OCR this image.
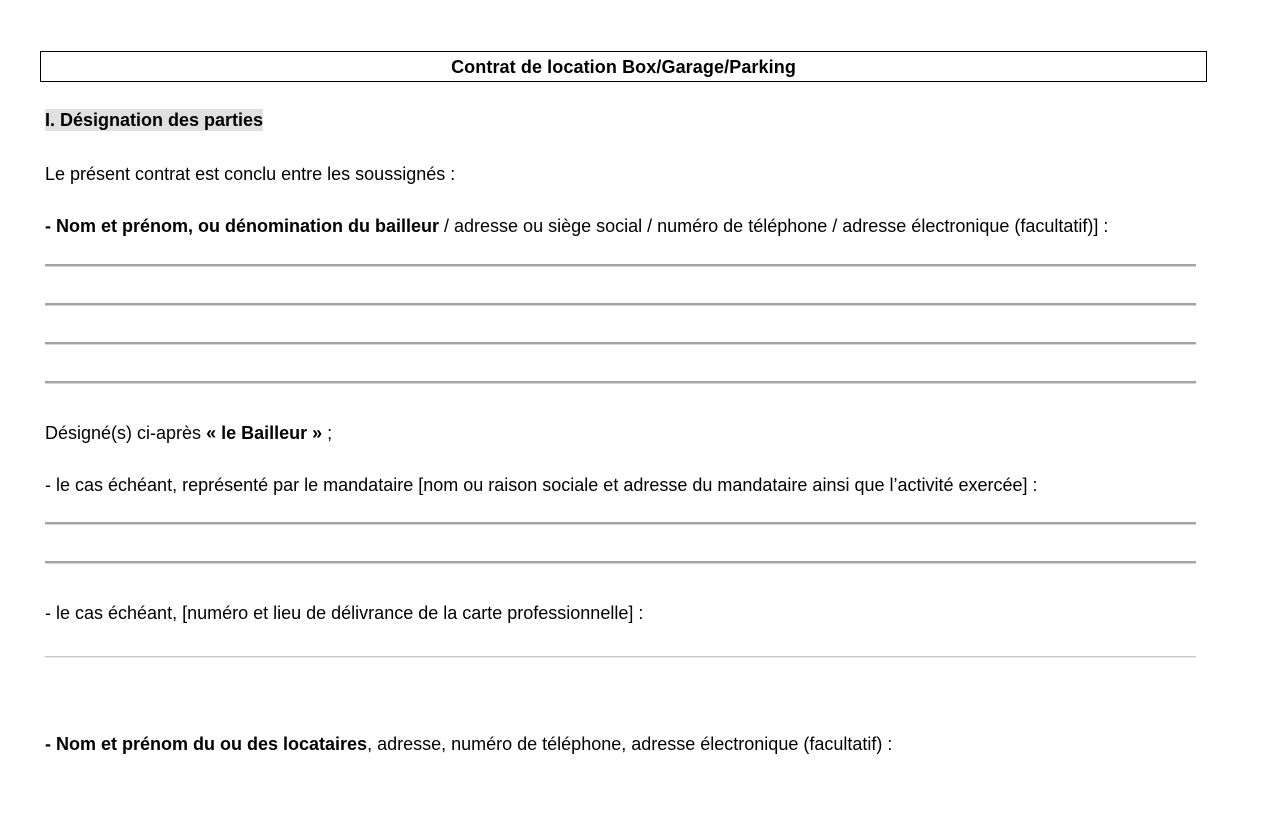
Contrat de location Box/Garage/Parking
I. Désignation des parties

Le présent contrat est conclu entre les soussignés :

- Nom et prénom, ou dénomination du bailleur / adresse ou siège social / numéro de téléphone / adresse électronique (facultatif)] :

Désigné(s) ci-après « le Bailleur » ;

- le cas échéant, représenté par le mandataire [nom ou raison sociale et adresse du mandataire ainsi que l’activité exercée] :

- le cas échéant, [numéro et lieu de délivrance de la carte professionnelle] :

- Nom et prénom du ou des locataires, adresse, numéro de téléphone, adresse électronique (facultatif) :
